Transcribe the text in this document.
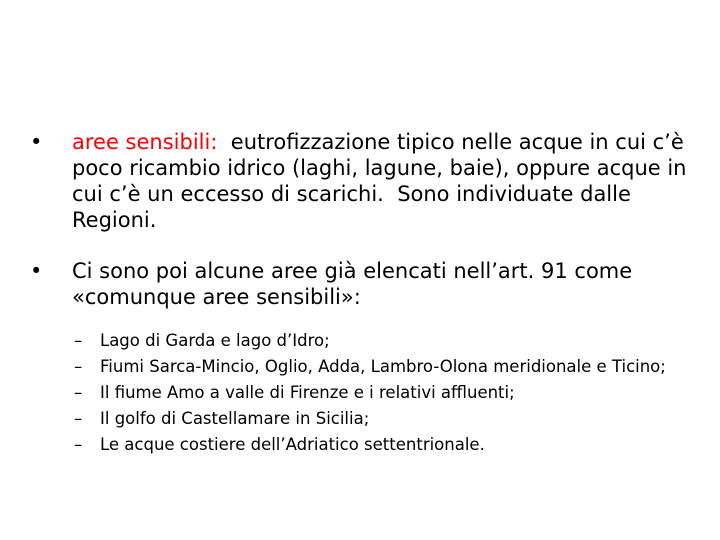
• aree sensibili:  eutrofizzazione tipico nelle acque in cui c’è poco ricambio idrico (laghi, lagune, baie), oppure acque in cui c’è un eccesso di scarichi.  Sono individuate dalle Regioni.
• Ci sono poi alcune aree già elencati nell’art. 91 come «comunque aree sensibili»:
– Lago di Garda e lago d’Idro;
– Fiumi Sarca-Mincio, Oglio, Adda, Lambro-Olona meridionale e Ticino;
– Il fiume Amo a valle di Firenze e i relativi affluenti;
– Il golfo di Castellamare in Sicilia;
– Le acque costiere dell’Adriatico settentrionale.
